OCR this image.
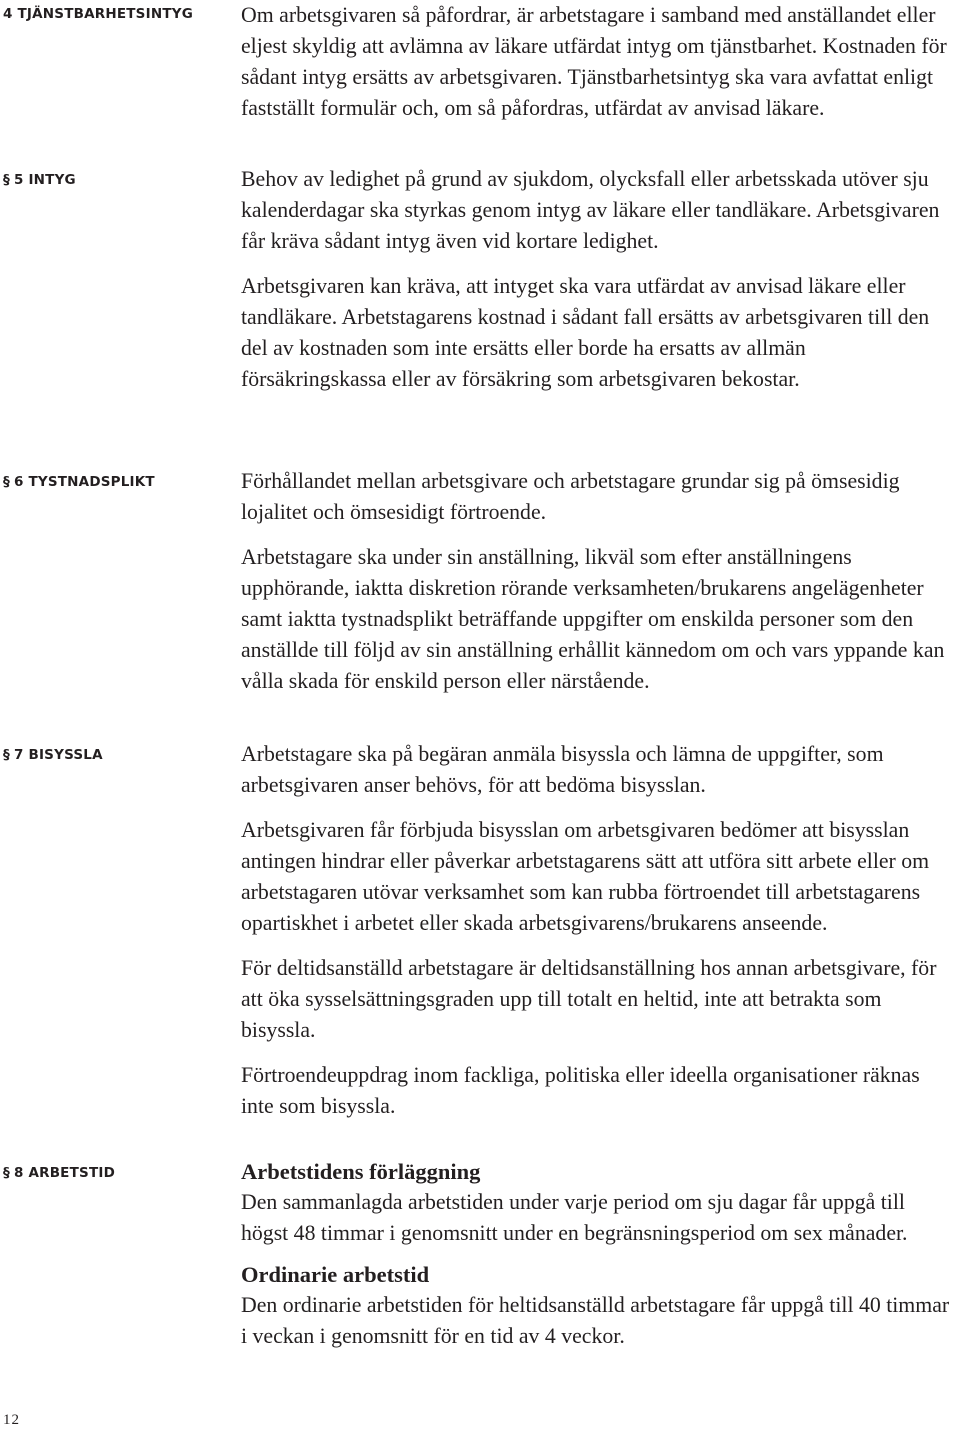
4 TJÄNSTBARHETSINTYG	Om arbetsgivaren så påfordrar, är arbetstagare i samband med anställandet eller eljest skyldig att avlämna av läkare utfärdat intyg om tjänstbarhet. Kostnaden för sådant intyg ersätts av arbetsgivaren. Tjänstbarhetsintyg ska vara avfattat enligt fastställt formulär och, om så påfordras, utfärdat av anvisad läkare.

§ 5 INTYG	Behov av ledighet på grund av sjukdom, olycksfall eller arbetsskada utöver sju kalenderdagar ska styrkas genom intyg av läkare eller tandläkare. Arbetsgivaren får kräva sådant intyg även vid kortare ledighet.

Arbetsgivaren kan kräva, att intyget ska vara utfärdat av anvisad läkare eller tandläkare. Arbetstagarens kostnad i sådant fall ersätts av arbetsgivaren till den del av kostnaden som inte ersätts eller borde ha ersatts av allmän försäkringskassa eller av försäkring som arbetsgivaren bekostar.

§ 6 TYSTNADSPLIKT	Förhållandet mellan arbetsgivare och arbetstagare grundar sig på ömsesidig lojalitet och ömsesidigt förtroende.

Arbetstagare ska under sin anställning, likväl som efter anställningens upphörande, iaktta diskretion rörande verksamheten/brukarens angelägenheter samt iaktta tystnadsplikt beträffande uppgifter om enskilda personer som den anställde till följd av sin anställning erhållit kännedom om och vars yppande kan vålla skada för enskild person eller närstående.

§ 7 BISYSSLA	Arbetstagare ska på begäran anmäla bisyssla och lämna de uppgifter, som arbetsgivaren anser behövs, för att bedöma bisysslan.

Arbetsgivaren får förbjuda bisysslan om arbetsgivaren bedömer att bisysslan antingen hindrar eller påverkar arbetstagarens sätt att utföra sitt arbete eller om arbetstagaren utövar verksamhet som kan rubba förtroendet till arbetstagarens opartiskhet i arbetet eller skada arbetsgivarens/brukarens anseende.

För deltidsanställd arbetstagare är deltidsanställning hos annan arbetsgivare, för att öka sysselsättningsgraden upp till totalt en heltid, inte att betrakta som bisyssla.

Förtroendeuppdrag inom fackliga, politiska eller ideella organisationer räknas inte som bisyssla.

§ 8 ARBETSTID	Arbetstidens förläggning

Den sammanlagda arbetstiden under varje period om sju dagar får uppgå till högst 48 timmar i genomsnitt under en begränsningsperiod om sex månader.

Ordinarie arbetstid

Den ordinarie arbetstiden för heltidsanställd arbetstagare får uppgå till 40 timmar i veckan i genomsnitt för en tid av 4 veckor.

12
